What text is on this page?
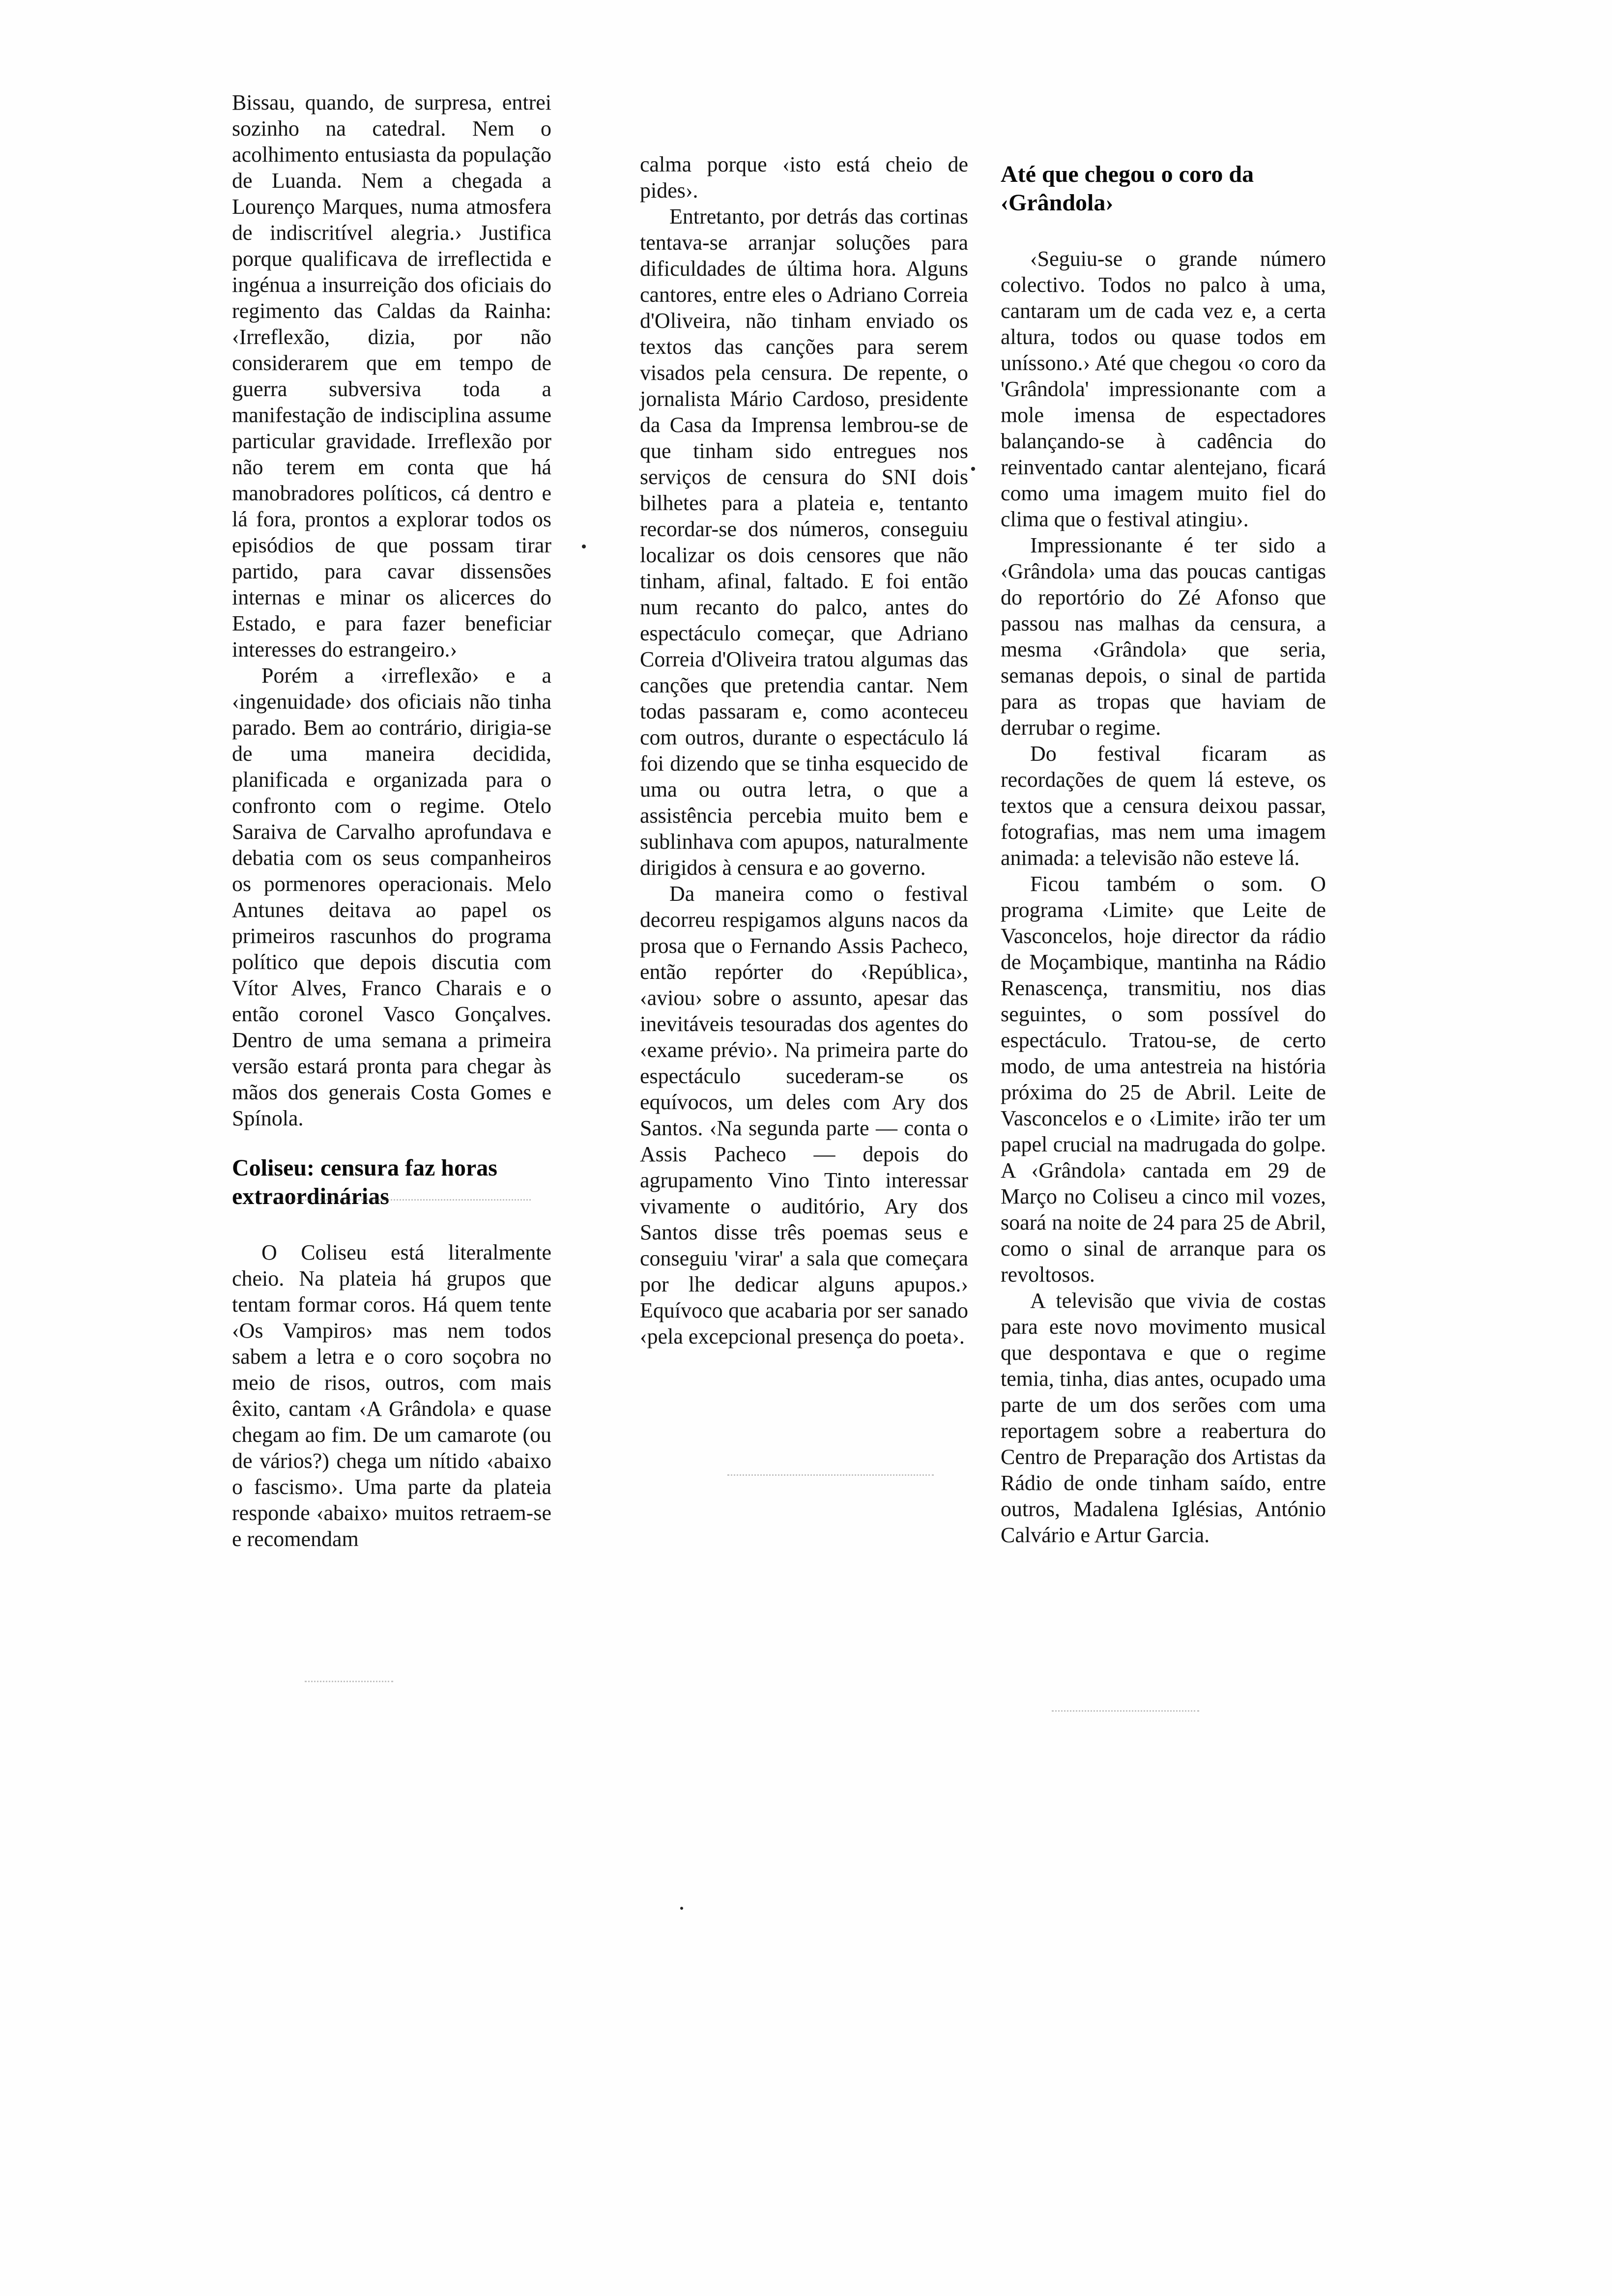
Bissau, quando, de surpresa, entrei sozinho na catedral. Nem o acolhimento entusiasta da população de Luanda. Nem a chegada a Lourenço Marques, numa atmosfera de indiscritível alegria.› Justifica porque qualificava de irreflectida e ingénua a insurreição dos oficiais do regimento das Caldas da Rainha: ‹Irreflexão, dizia, por não considerarem que em tempo de guerra subversiva toda a manifestação de indisciplina assume particular gravidade. Irreflexão por não terem em conta que há manobradores políticos, cá dentro e lá fora, prontos a explorar todos os episódios de que possam tirar partido, para cavar dissensões internas e minar os alicerces do Estado, e para fazer beneficiar interesses do estrangeiro.›

Porém a ‹irreflexão› e a ‹ingenuidade› dos oficiais não tinha parado. Bem ao contrário, dirigia-se de uma maneira decidida, planificada e organizada para o confronto com o regime. Otelo Saraiva de Carvalho aprofundava e debatia com os seus companheiros os pormenores operacionais. Melo Antunes deitava ao papel os primeiros rascunhos do programa político que depois discutia com Vítor Alves, Franco Charais e o então coronel Vasco Gonçalves. Dentro de uma semana a primeira versão estará pronta para chegar às mãos dos generais Costa Gomes e Spínola.

Coliseu: censura faz horas extraordinárias

O Coliseu está literalmente cheio. Na plateia há grupos que tentam formar coros. Há quem tente ‹Os Vampiros› mas nem todos sabem a letra e o coro soçobra no meio de risos, outros, com mais êxito, cantam ‹A Grândola› e quase chegam ao fim. De um camarote (ou de vários?) chega um nítido ‹abaixo o fascismo›. Uma parte da plateia responde ‹abaixo› muitos retraem-se e recomendam

calma porque ‹isto está cheio de pides›.

Entretanto, por detrás das cortinas tentava-se arranjar soluções para dificuldades de última hora. Alguns cantores, entre eles o Adriano Correia d'Oliveira, não tinham enviado os textos das canções para serem visados pela censura. De repente, o jornalista Mário Cardoso, presidente da Casa da Imprensa lembrou-se de que tinham sido entregues nos serviços de censura do SNI dois bilhetes para a plateia e, tentanto recordar-se dos números, conseguiu localizar os dois censores que não tinham, afinal, faltado. E foi então num recanto do palco, antes do espectáculo começar, que Adriano Correia d'Oliveira tratou algumas das canções que pretendia cantar. Nem todas passaram e, como aconteceu com outros, durante o espectáculo lá foi dizendo que se tinha esquecido de uma ou outra letra, o que a assistência percebia muito bem e sublinhava com apupos, naturalmente dirigidos à censura e ao governo.

Da maneira como o festival decorreu respigamos alguns nacos da prosa que o Fernando Assis Pacheco, então repórter do ‹República›, ‹aviou› sobre o assunto, apesar das inevitáveis tesouradas dos agentes do ‹exame prévio›. Na primeira parte do espectáculo sucederam-se os equívocos, um deles com Ary dos Santos. ‹Na segunda parte — conta o Assis Pacheco — depois do agrupamento Vino Tinto interessar vivamente o auditório, Ary dos Santos disse três poemas seus e conseguiu 'virar' a sala que começara por lhe dedicar alguns apupos.› Equívoco que acabaria por ser sanado ‹pela excepcional presença do poeta›.

Até que chegou o coro da ‹Grândola›

‹Seguiu-se o grande número colectivo. Todos no palco à uma, cantaram um de cada vez e, a certa altura, todos ou quase todos em uníssono.› Até que chegou ‹o coro da 'Grândola' impressionante com a mole imensa de espectadores balançando-se à cadência do reinventado cantar alentejano, ficará como uma imagem muito fiel do clima que o festival atingiu›.

Impressionante é ter sido a ‹Grândola› uma das poucas cantigas do reportório do Zé Afonso que passou nas malhas da censura, a mesma ‹Grândola› que seria, semanas depois, o sinal de partida para as tropas que haviam de derrubar o regime.

Do festival ficaram as recordações de quem lá esteve, os textos que a censura deixou passar, fotografias, mas nem uma imagem animada: a televisão não esteve lá.

Ficou também o som. O programa ‹Limite› que Leite de Vasconcelos, hoje director da rádio de Moçambique, mantinha na Rádio Renascença, transmitiu, nos dias seguintes, o som possível do espectáculo. Tratou-se, de certo modo, de uma antestreia na história próxima do 25 de Abril. Leite de Vasconcelos e o ‹Limite› irão ter um papel crucial na madrugada do golpe. A ‹Grândola› cantada em 29 de Março no Coliseu a cinco mil vozes, soará na noite de 24 para 25 de Abril, como o sinal de arranque para os revoltosos.

A televisão que vivia de costas para este novo movimento musical que despontava e que o regime temia, tinha, dias antes, ocupado uma parte de um dos serões com uma reportagem sobre a reabertura do Centro de Preparação dos Artistas da Rádio de onde tinham saído, entre outros, Madalena Iglésias, António Calvário e Artur Garcia.
